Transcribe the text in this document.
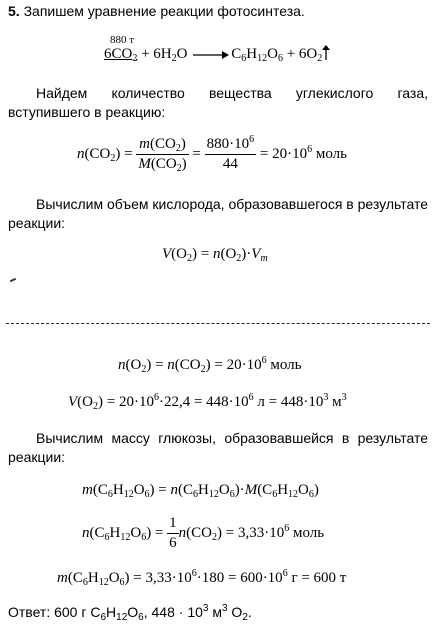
5. Запишем уравнение реакции фотосинтеза.
880 т
$6CO_2 + 6H_2O \to C_6H_{12}O_6 + 6O_2$
Найдем количество вещества углекислого газа, вступившего в реакцию:
$n(CO_2) = \frac{m(CO_2)}{M(CO_2)} = \frac{880\cdot 10^6}{44} = 20\cdot 10^6$ моль
Вычислим объем кислорода, образовавшегося в результате реакции:
$V(O_2) = n(O_2)\cdot V_m$
$n(O_2) = n(CO_2) = 20\cdot 10^6$ моль
$V(O_2) = 20\cdot 10^6\cdot 22,4 = 448\cdot 10^6$ $л = 448\cdot 10^3$ $м^3$
Вычислим массу глюкозы, образовавшейся в результате реакции:
$m(C_6H_{12}O_6) = n(C_6H_{12}O_6)\cdot M(C_6H_{12}O_6)$
$n(C_6H_{12}O_6) = \frac{1}{6} n(CO_2) = 3,33\cdot 10^6$ моль
$m(C_6H_{12}O_6) = 3,33\cdot 10^6\cdot 180 = 600\cdot 10^6$ г = 600 т
Ответ: 600 г $C_6H_{12}O_6$, $448 \cdot 10^3$ $м^3$ $O_2$.
